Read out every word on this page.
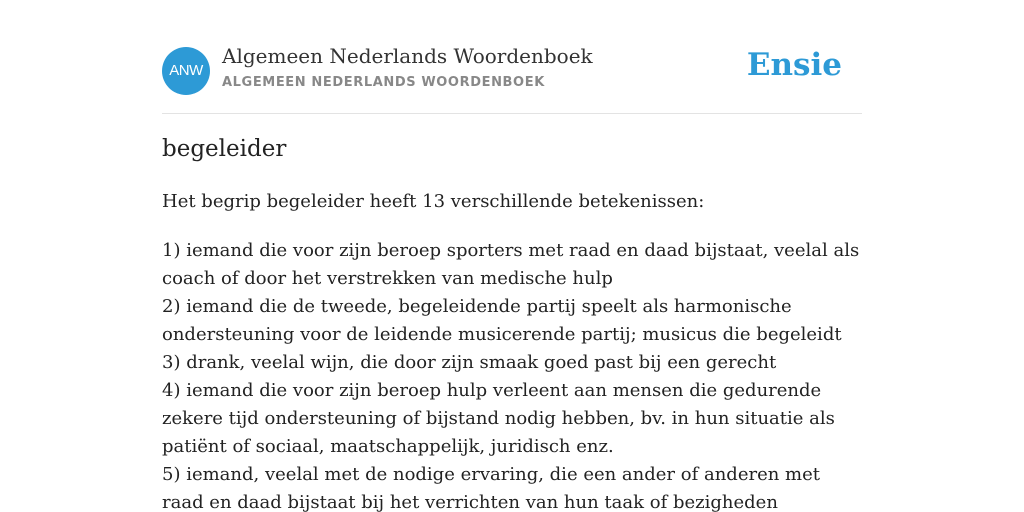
ANW
Algemeen Nederlands Woordenboek
ALGEMEEN NEDERLANDS WOORDENBOEK	Ensie
begeleider

Het begrip begeleider heeft 13 verschillende betekenissen:

1) iemand die voor zijn beroep sporters met raad en daad bijstaat, veelal als coach of door het verstrekken van medische hulp
2) iemand die de tweede, begeleidende partij speelt als harmonische ondersteuning voor de leidende musicerende partij; musicus die begeleidt
3) drank, veelal wijn, die door zijn smaak goed past bij een gerecht
4) iemand die voor zijn beroep hulp verleent aan mensen die gedurende zekere tijd ondersteuning of bijstand nodig hebben, bv. in hun situatie als patiënt of sociaal, maatschappelijk, juridisch enz.
5) iemand, veelal met de nodige ervaring, die een ander of anderen met raad en daad bijstaat bij het verrichten van hun taak of bezigheden
